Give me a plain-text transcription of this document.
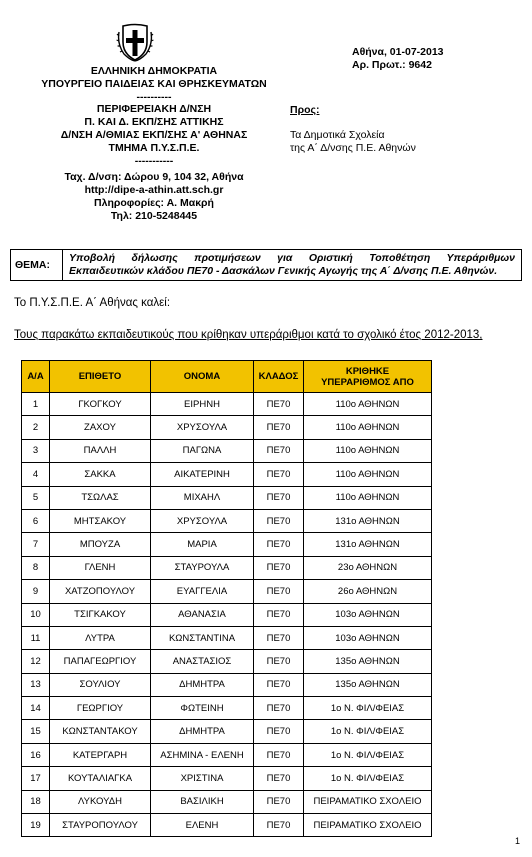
ΕΛΛΗΝΙΚΗ ΔΗΜΟΚΡΑΤΙΑ
ΥΠΟΥΡΓΕΙΟ ΠΑΙΔΕΙΑΣ ΚΑΙ ΘΡΗΣΚΕΥΜΑΤΩΝ
----------
ΠΕΡΙΦΕΡΕΙΑΚΗ Δ/ΝΣΗ
Π. ΚΑΙ Δ. ΕΚΠ/ΣΗΣ ΑΤΤΙΚΗΣ
Δ/ΝΣΗ Α/ΘΜΙΑΣ ΕΚΠ/ΣΗΣ Α' ΑΘΗΝΑΣ
ΤΜΗΜΑ Π.Υ.Σ.Π.Ε.
-----------
Ταχ. Δ/νση: Δώρου 9, 104 32, Αθήνα
http://dipe-a-athin.att.sch.gr
Πληροφορίες: Α. Μακρή
Τηλ: 210-5248445
Αθήνα, 01-07-2013
Αρ. Πρωτ.: 9642
Προς:
Τα Δημοτικά Σχολεία
της Α΄ Δ/νσης Π.Ε. Αθηνών
ΘΕΜΑ:
Υποβολή δήλωσης προτιμήσεων για Οριστική Τοποθέτηση Υπεράριθμων
Εκπαιδευτικών κλάδου ΠΕ70 - Δασκάλων Γενικής Αγωγής της Α΄ Δ/νσης Π.Ε. Αθηνών.
Το Π.Υ.Σ.Π.Ε. Α΄ Αθήνας καλεί:
Τους παρακάτω εκπαιδευτικούς που κρίθηκαν υπεράριθμοι κατά το σχολικό έτος 2012-2013,
Α/Α	ΕΠΙΘΕΤΟ	ΟΝΟΜΑ	ΚΛΑΔΟΣ	ΚΡΙΘΗΚΕ ΥΠΕΡΑΡΙΘΜΟΣ ΑΠΟ
1	ΓΚΟΓΚΟΥ	ΕΙΡΗΝΗ	ΠΕ70	110ο ΑΘΗΝΩΝ
2	ΖΑΧΟΥ	ΧΡΥΣΟΥΛΑ	ΠΕ70	110ο ΑΘΗΝΩΝ
3	ΠΑΛΛΗ	ΠΑΓΩΝΑ	ΠΕ70	110ο ΑΘΗΝΩΝ
4	ΣΑΚΚΑ	ΑΙΚΑΤΕΡΙΝΗ	ΠΕ70	110ο ΑΘΗΝΩΝ
5	ΤΣΩΛΑΣ	ΜΙΧΑΗΛ	ΠΕ70	110ο ΑΘΗΝΩΝ
6	ΜΗΤΣΑΚΟΥ	ΧΡΥΣΟΥΛΑ	ΠΕ70	131ο ΑΘΗΝΩΝ
7	ΜΠΟΥΖΑ	ΜΑΡΙΑ	ΠΕ70	131ο ΑΘΗΝΩΝ
8	ΓΛΕΝΗ	ΣΤΑΥΡΟΥΛΑ	ΠΕ70	23ο ΑΘΗΝΩΝ
9	ΧΑΤΖΟΠΟΥΛΟΥ	ΕΥΑΓΓΕΛΙΑ	ΠΕ70	26ο ΑΘΗΝΩΝ
10	ΤΣΙΓΚΑΚΟΥ	ΑΘΑΝΑΣΙΑ	ΠΕ70	103ο ΑΘΗΝΩΝ
11	ΛΥΤΡΑ	ΚΩΝΣΤΑΝΤΙΝΑ	ΠΕ70	103ο ΑΘΗΝΩΝ
12	ΠΑΠΑΓΕΩΡΓΙΟΥ	ΑΝΑΣΤΑΣΙΟΣ	ΠΕ70	135ο ΑΘΗΝΩΝ
13	ΣΟΥΛΙΟΥ	ΔΗΜΗΤΡΑ	ΠΕ70	135ο ΑΘΗΝΩΝ
14	ΓΕΩΡΓΙΟΥ	ΦΩΤΕΙΝΗ	ΠΕ70	1ο Ν. ΦΙΛ/ΦΕΙΑΣ
15	ΚΩΝΣΤΑΝΤΑΚΟΥ	ΔΗΜΗΤΡΑ	ΠΕ70	1ο Ν. ΦΙΛ/ΦΕΙΑΣ
16	ΚΑΤΕΡΓΑΡΗ	ΑΣΗΜΙΝΑ - ΕΛΕΝΗ	ΠΕ70	1ο Ν. ΦΙΛ/ΦΕΙΑΣ
17	ΚΟΥΤΑΛΙΑΓΚΑ	ΧΡΙΣΤΙΝΑ	ΠΕ70	1ο Ν. ΦΙΛ/ΦΕΙΑΣ
18	ΛΥΚΟΥΔΗ	ΒΑΣΙΛΙΚΗ	ΠΕ70	ΠΕΙΡΑΜΑΤΙΚΟ ΣΧΟΛΕΙΟ
19	ΣΤΑΥΡΟΠΟΥΛΟΥ	ΕΛΕΝΗ	ΠΕ70	ΠΕΙΡΑΜΑΤΙΚΟ ΣΧΟΛΕΙΟ
1
